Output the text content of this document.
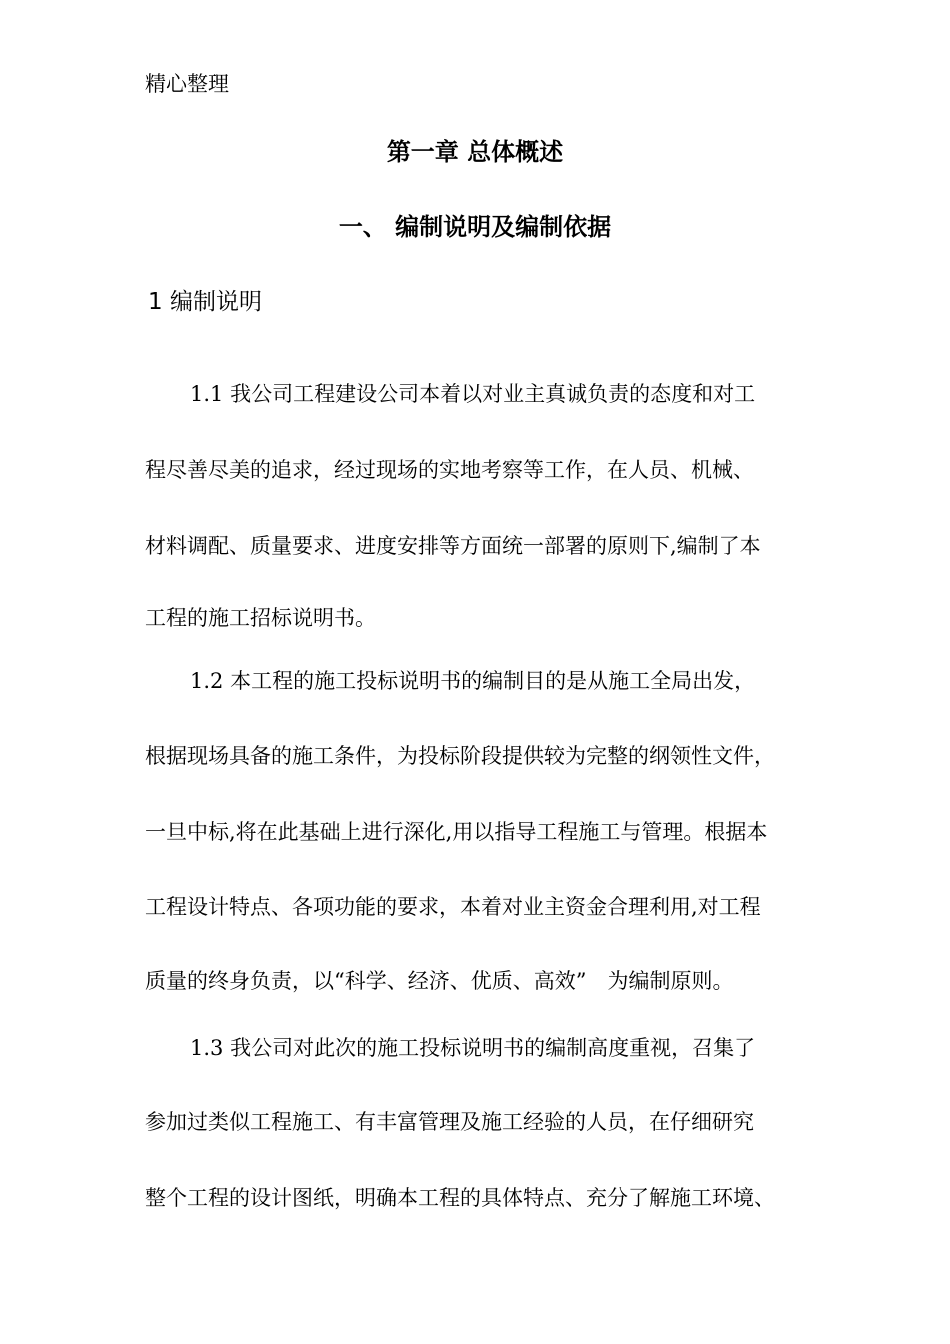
精心整理
第一章 总体概述
一、 编制说明及编制依据
1 编制说明
1.1 我公司工程建设公司本着以对业主真诚负责的态度和对工
程尽善尽美的追求，经过现场的实地考察等工作，在人员、机械、
材料调配、质量要求、进度安排等方面统一部署的原则下,编制了本
工程的施工招标说明书。
1.2 本工程的施工投标说明书的编制目的是从施工全局出发，
根据现场具备的施工条件，为投标阶段提供较为完整的纲领性文件，
一旦中标,将在此基础上进行深化,用以指导工程施工与管理。根据本
工程设计特点、各项功能的要求，本着对业主资金合理利用,对工程
质量的终身负责，以“科学、经济、优质、高效”　为编制原则。
1.3 我公司对此次的施工投标说明书的编制高度重视，召集了
参加过类似工程施工、有丰富管理及施工经验的人员，在仔细研究
整个工程的设计图纸，明确本工程的具体特点、充分了解施工环境、
